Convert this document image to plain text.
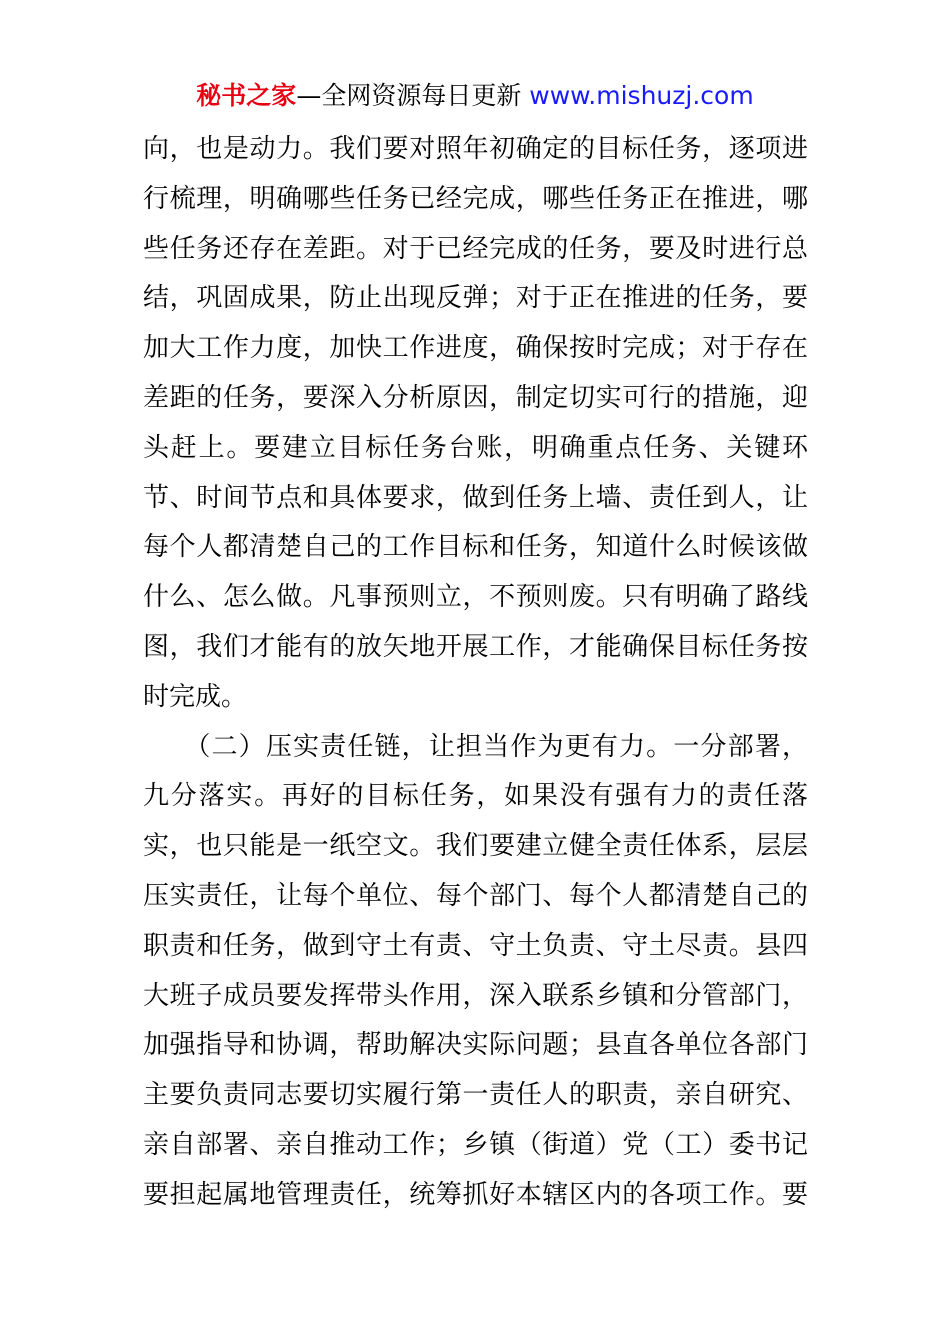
秘书之家—全网资源每日更新 www.mishuzj.com
向，也是动力。我们要对照年初确定的目标任务，逐项进
行梳理，明确哪些任务已经完成，哪些任务正在推进，哪
些任务还存在差距。对于已经完成的任务，要及时进行总
结，巩固成果，防止出现反弹；对于正在推进的任务，要
加大工作力度，加快工作进度，确保按时完成；对于存在
差距的任务，要深入分析原因，制定切实可行的措施，迎
头赶上。要建立目标任务台账，明确重点任务、关键环
节、时间节点和具体要求，做到任务上墙、责任到人，让
每个人都清楚自己的工作目标和任务，知道什么时候该做
什么、怎么做。凡事预则立，不预则废。只有明确了路线
图，我们才能有的放矢地开展工作，才能确保目标任务按
时完成。
　　（二）压实责任链，让担当作为更有力。一分部署，
九分落实。再好的目标任务，如果没有强有力的责任落
实，也只能是一纸空文。我们要建立健全责任体系，层层
压实责任，让每个单位、每个部门、每个人都清楚自己的
职责和任务，做到守土有责、守土负责、守土尽责。县四
大班子成员要发挥带头作用，深入联系乡镇和分管部门，
加强指导和协调，帮助解决实际问题；县直各单位各部门
主要负责同志要切实履行第一责任人的职责，亲自研究、
亲自部署、亲自推动工作；乡镇（街道）党（工）委书记
要担起属地管理责任，统筹抓好本辖区内的各项工作。要
